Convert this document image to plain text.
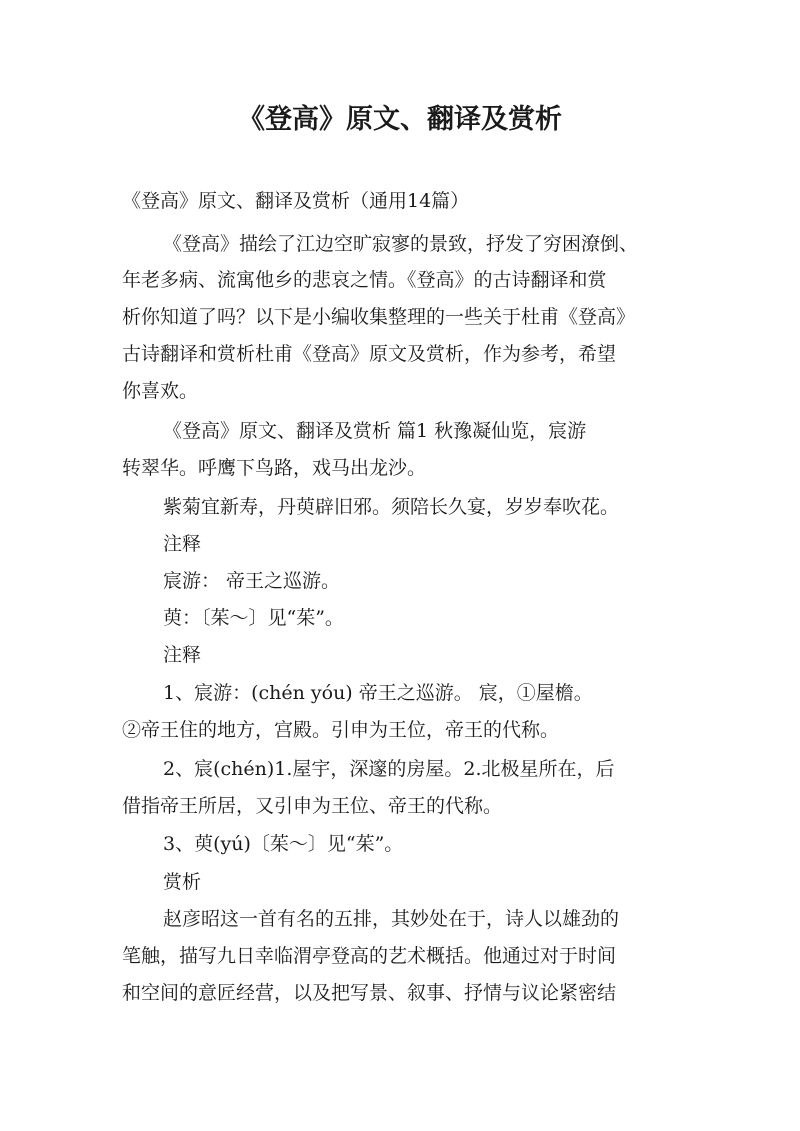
《登高》原文、翻译及赏析
《登高》原文、翻译及赏析（通用14篇）
《登高》描绘了江边空旷寂寥的景致，抒发了穷困潦倒、
年老多病、流寓他乡的悲哀之情。《登高》的古诗翻译和赏
析你知道了吗？以下是小编收集整理的一些关于杜甫《登高》
古诗翻译和赏析杜甫《登高》原文及赏析，作为参考，希望
你喜欢。
《登高》原文、翻译及赏析 篇1 秋豫凝仙览，宸游
转翠华。呼鹰下鸟路，戏马出龙沙。
紫菊宜新寿，丹萸辟旧邪。须陪长久宴，岁岁奉吹花。
注释
宸游： 帝王之巡游。
萸：〔茱～〕见“茱”。
注释
1、宸游：(chén yóu) 帝王之巡游。 宸，①屋檐。
②帝王住的地方，宫殿。引申为王位，帝王的代称。
2、宸(chén)1.屋宇，深邃的房屋。2.北极星所在，后
借指帝王所居，又引申为王位、帝王的代称。
3、萸(yú)〔茱～〕见“茱”。
赏析
赵彦昭这一首有名的五排，其妙处在于，诗人以雄劲的
笔触，描写九日幸临渭亭登高的艺术概括。他通过对于时间
和空间的意匠经营，以及把写景、叙事、抒情与议论紧密结
